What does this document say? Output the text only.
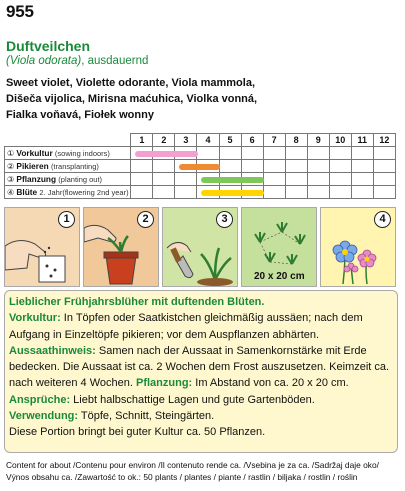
955
Duftveilchen
(Viola odorata), ausdauernd
Sweet violet, Violette odorante, Viola mammola,
Dišeča vijolica, Mirisna maćuhica, Violka vonná,
Fialka voňavá, Fiołek wonny
	1	2	3	4	5	6	7	8	9	10	11	12
① Vorkultur (sowing indoors)	

② Pikieren (transplanting)			

③ Pflanzung (planting out)				

④ Blüte 2. Jahr(flowering 2nd year)				

1	2	3
20 x 20 cm
4
Lieblicher Frühjahrsblüher mit duftenden Blüten.
Vorkultur: In Töpfen oder Saatkistchen gleichmäßig aussäen; nach dem Aufgang in Einzeltöpfe pikieren; vor dem Auspflanzen abhärten.
Aussaathinweis: Samen nach der Aussaat in Samenkornstärke mit Erde bedecken. Die Aussaat ist ca. 2 Wochen dem Frost auszusetzen. Keimzeit ca. nach weiteren 4 Wochen. Pflanzung: Im Abstand von ca. 20 x 20 cm.
Ansprüche: Liebt halbschattige Lagen und gute Gartenböden.
Verwendung: Töpfe, Schnitt, Steingärten.
Diese Portion bringt bei guter Kultur ca. 50 Pflanzen.
Content for about /Contenu pour environ /Il contenuto rende ca. /Vsebina je za ca. /Sadržaj daje oko/
Výnos obsahu ca. /Zawartość to ok.: 50 plants / plantes / piante / rastlin / biljaka / rostlin / roślin
